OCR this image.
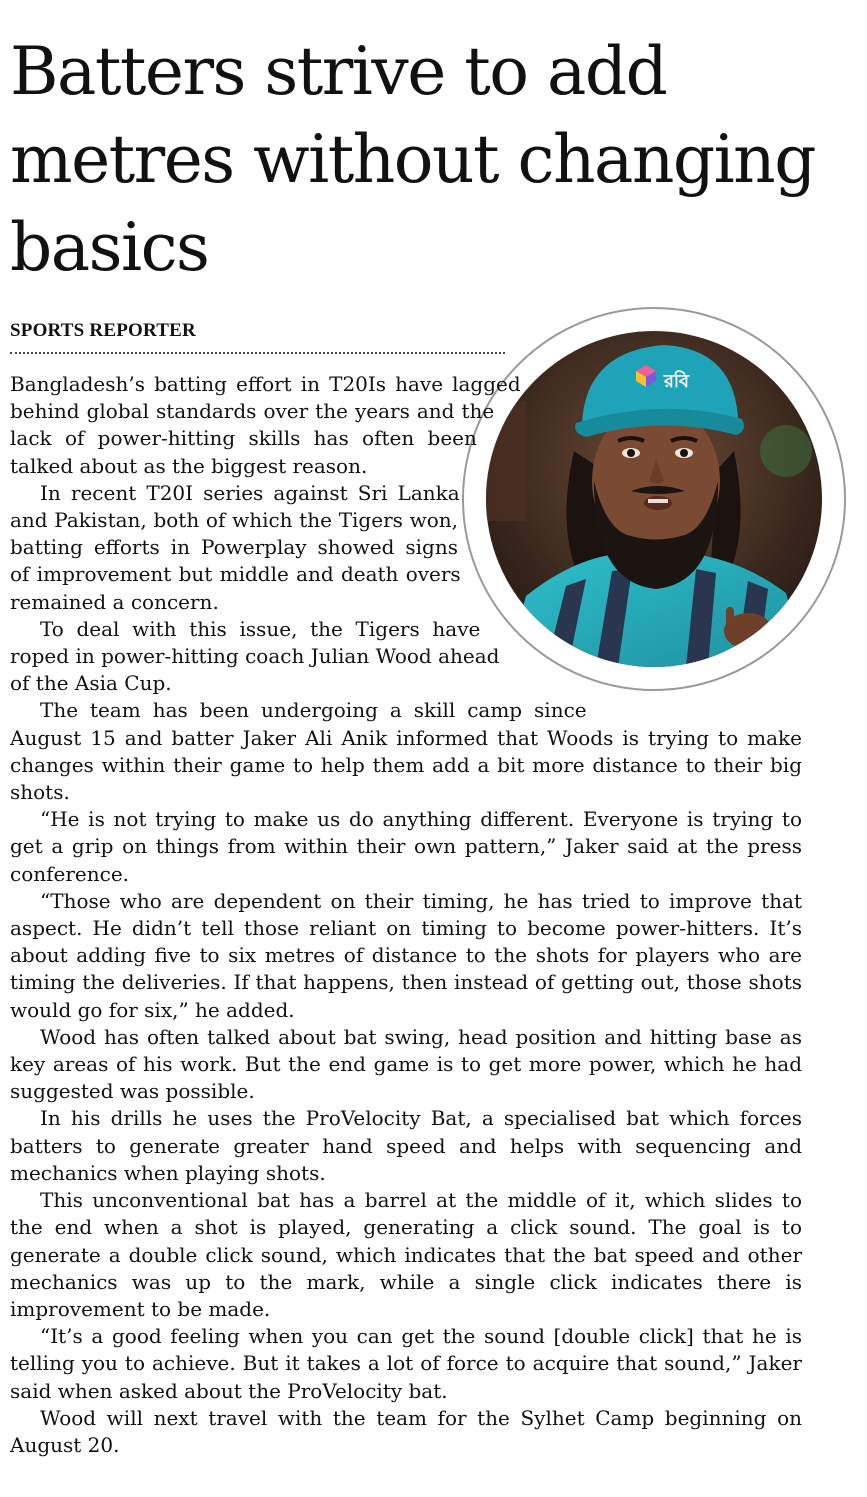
Batters strive to add metres without changing basics
SPORTS REPORTER
রবি

Bangladesh’s batting effort in T20Is have lagged behind global standards over the years and the lack of power-hitting skills has often been talked about as the biggest reason.

In recent T20I series against Sri Lanka and Pakistan, both of which the Tigers won, batting efforts in Powerplay showed signs of improvement but middle and death overs remained a concern.

To deal with this issue, the Tigers have roped in power-hitting coach Julian Wood ahead of the Asia Cup.

The team has been undergoing a skill camp since August 15 and batter Jaker Ali Anik informed that Woods is trying to make changes within their game to help them add a bit more distance to their big shots.

“He is not trying to make us do anything different. Everyone is trying to get a grip on things from within their own pattern,” Jaker said at the press conference.

“Those who are dependent on their timing, he has tried to improve that aspect. He didn’t tell those reliant on timing to become power-hitters. It’s about adding five to six metres of distance to the shots for players who are timing the deliveries. If that happens, then instead of getting out, those shots would go for six,” he added.

Wood has often talked about bat swing, head position and hitting base as key areas of his work. But the end game is to get more power, which he had suggested was possible.

In his drills he uses the ProVelocity Bat, a specialised bat which forces batters to generate greater hand speed and helps with sequencing and mechanics when playing shots.

This unconventional bat has a barrel at the middle of it, which slides to the end when a shot is played, generating a click sound. The goal is to generate a double click sound, which indicates that the bat speed and other mechanics was up to the mark, while a single click indicates there is improvement to be made.

“It’s a good feeling when you can get the sound [double click] that he is telling you to achieve. But it takes a lot of force to acquire that sound,” Jaker said when asked about the ProVelocity bat.

Wood will next travel with the team for the Sylhet Camp beginning on August 20.
